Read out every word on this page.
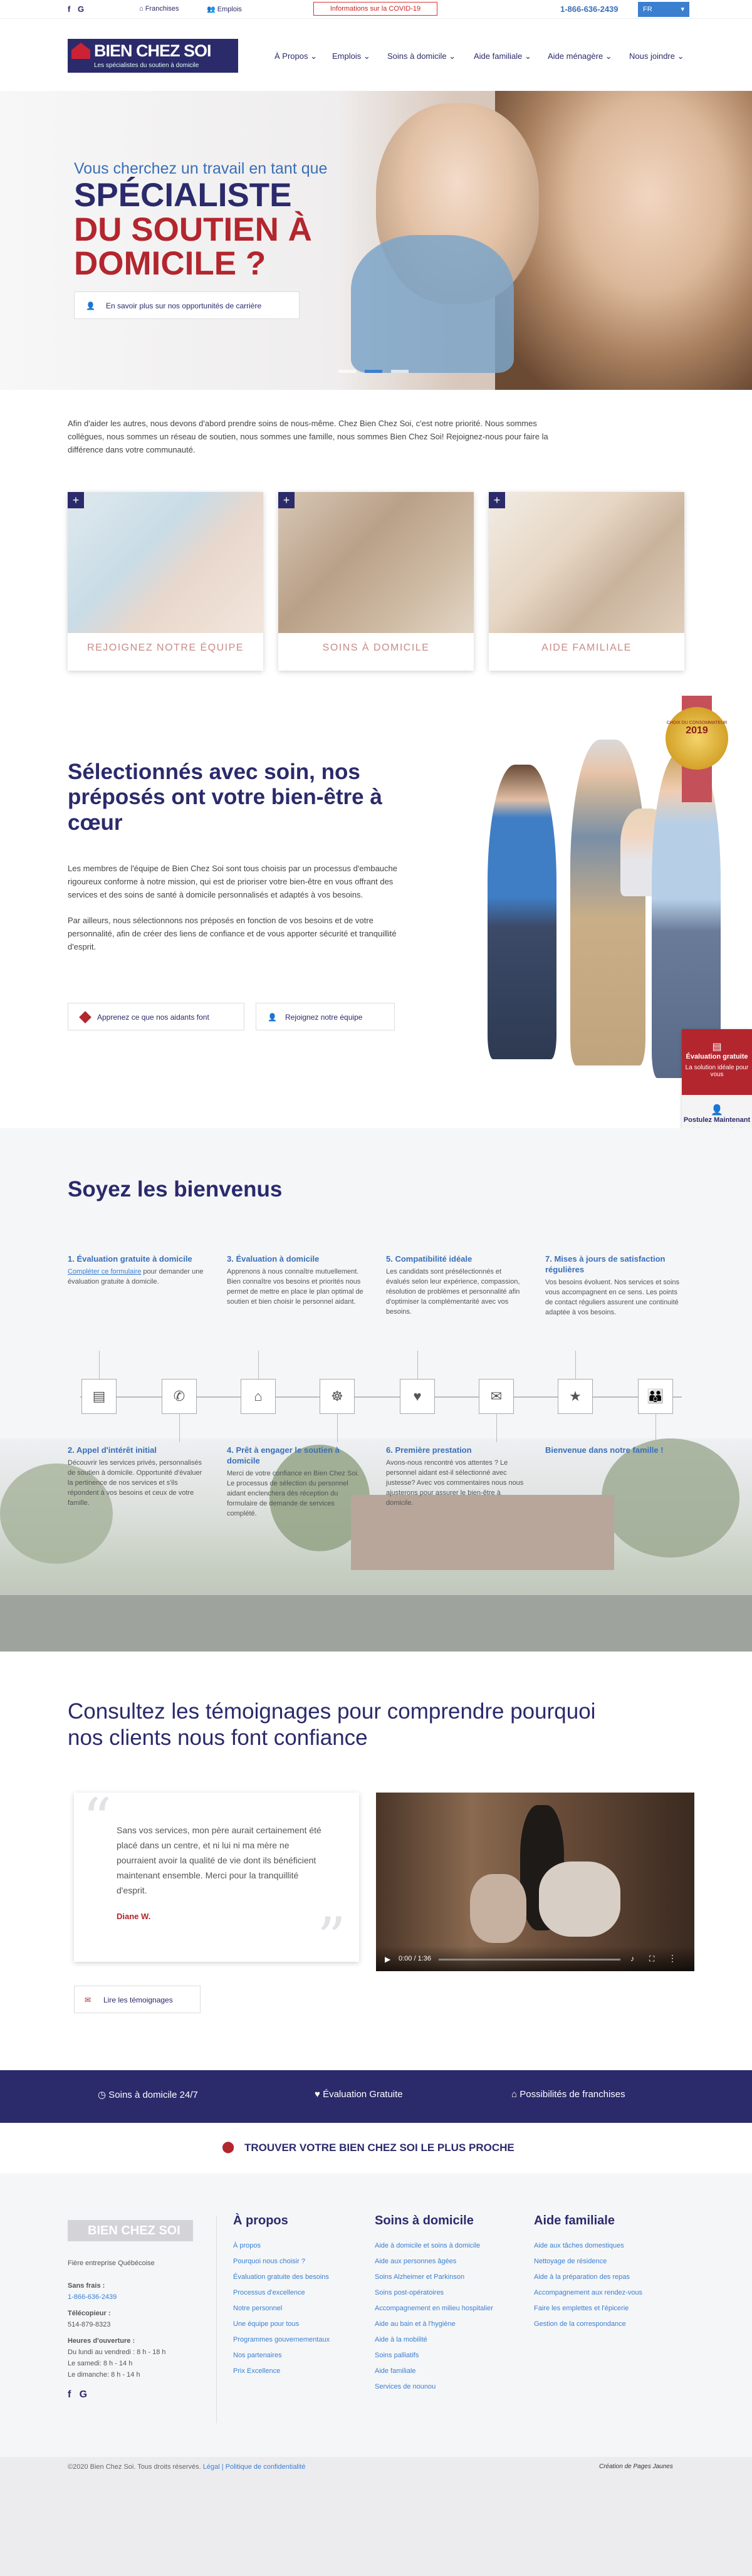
f G	⌂ Franchises	👥 Emplois	Informations sur la COVID-19	1-866-636-2439	FR	▾
BIEN CHEZ SOI
Les spécialistes du soutien à domicile
À Propos ⌄ Emplois ⌄ Soins à domicile ⌄ Aide familiale ⌄ Aide ménagère ⌄ Nous joindre ⌄
Vous cherchez un travail en tant que
SPÉCIALISTE
DU SOUTIEN À DOMICILE ?
👤 En savoir plus sur nos opportunités de carrière
Afin d'aider les autres, nous devons d'abord prendre soins de nous-même. Chez Bien Chez Soi, c'est notre priorité. Nous sommes collègues, nous sommes un réseau de soutien, nous sommes une famille, nous sommes Bien Chez Soi! Rejoignez-nous pour faire la différence dans votre communauté.
+
REJOIGNEZ NOTRE ÉQUIPE
+
SOINS À DOMICILE
+
AIDE FAMILIALE
Sélectionnés avec soin, nos préposés ont votre bien-être à cœur

Les membres de l'équipe de Bien Chez Soi sont tous choisis par un processus d'embauche rigoureux conforme à notre mission, qui est de prioriser votre bien-être en vous offrant des services et des soins de santé à domicile personnalisés et adaptés à vos besoins.

Par ailleurs, nous sélectionnons nos préposés en fonction de vos besoins et de votre personnalité, afin de créer des liens de confiance et de vous apporter sécurité et tranquillité d'esprit.

Apprenez ce que nos aidants font	👤 Rejoignez notre équipe
CHOIX DU CONSOMMATEUR
2019
▤
Évaluation gratuite
La solution idéale pour vous
👤
Postulez Maintenant
Soyez les bienvenus
1. Évaluation gratuite à domicile
Compléter ce formulaire pour demander une évaluation gratuite à domicile.
3. Évaluation à domicile
Apprenons à nous connaître mutuellement. Bien connaître vos besoins et priorités nous permet de mettre en place le plan optimal de soutien et bien choisir le personnel aidant.
5. Compatibilité idéale
Les candidats sont présélectionnés et évalués selon leur expérience, compassion, résolution de problèmes et personnalité afin d'optimiser la complémentarité avec vos besoins.
7. Mises à jours de satisfaction régulières
Vos besoins évoluent. Nos services et soins vous accompagnent en ce sens. Les points de contact réguliers assurent une continuité adaptée à vos besoins.
▤	✆	⌂	☸	♥	✉	★	👪
2. Appel d'intérêt initial
Découvrir les services privés, personnalisés de soutien à domicile. Opportunité d'évaluer la pertinence de nos services et s'ils répondent à vos besoins et ceux de votre famille.
4. Prêt à engager le soutien à domicile
Merci de votre confiance en Bien Chez Soi. Le processus de sélection du personnel aidant enclenchera dès réception du formulaire de demande de services complété.
6. Première prestation
Avons-nous rencontré vos attentes ? Le personnel aidant est-il sélectionné avec justesse? Avec vos commentaires nous nous ajusterons pour assurer le bien-être à domicile.
Bienvenue dans notre famille !
Consultez les témoignages pour comprendre pourquoi nos clients nous font confiance
“ Sans vos services, mon père aurait certainement été placé dans un centre, et ni lui ni ma mère ne pourraient avoir la qualité de vie dont ils bénéficient maintenant ensemble. Merci pour la tranquillité d'esprit.
Diane W.	”	▶ 0:00 / 1:36	♪ ⛶ ⋮
✉ Lire les témoignages
◷ Soins à domicile 24/7	♥ Évaluation Gratuite	⌂ Possibilités de franchises
⬤ TROUVER VOTRE BIEN CHEZ SOI LE PLUS PROCHE
BIEN CHEZ SOI
Fière entreprise Québécoise
Sans frais :
1-866-636-2439
Télécopieur :
514-879-8323
Heures d'ouverture :
Du lundi au vendredi : 8 h - 18 h
Le samedi: 8 h - 14 h
Le dimanche: 8 h - 14 h
f G
À propos
À propos
Pourquoi nous choisir ?
Évaluation gratuite des besoins
Processus d'excellence
Notre personnel
Une équipe pour tous
Programmes gouvernementaux
Nos partenaires
Prix Excellence
Soins à domicile
Aide à domicile et soins à domicile
Aide aux personnes âgées
Soins Alzheimer et Parkinson
Soins post-opératoires
Accompagnement en milieu hospitalier
Aide au bain et à l'hygiène
Aide à la mobilité
Soins palliatifs
Aide familiale
Services de nounou
Aide familiale
Aide aux tâches domestiques
Nettoyage de résidence
Aide à la préparation des repas
Accompagnement aux rendez-vous
Faire les emplettes et l'épicerie
Gestion de la correspondance
©2020 Bien Chez Soi. Tous droits réservés. Légal | Politique de confidentialité	Création de Pages Jaunes
